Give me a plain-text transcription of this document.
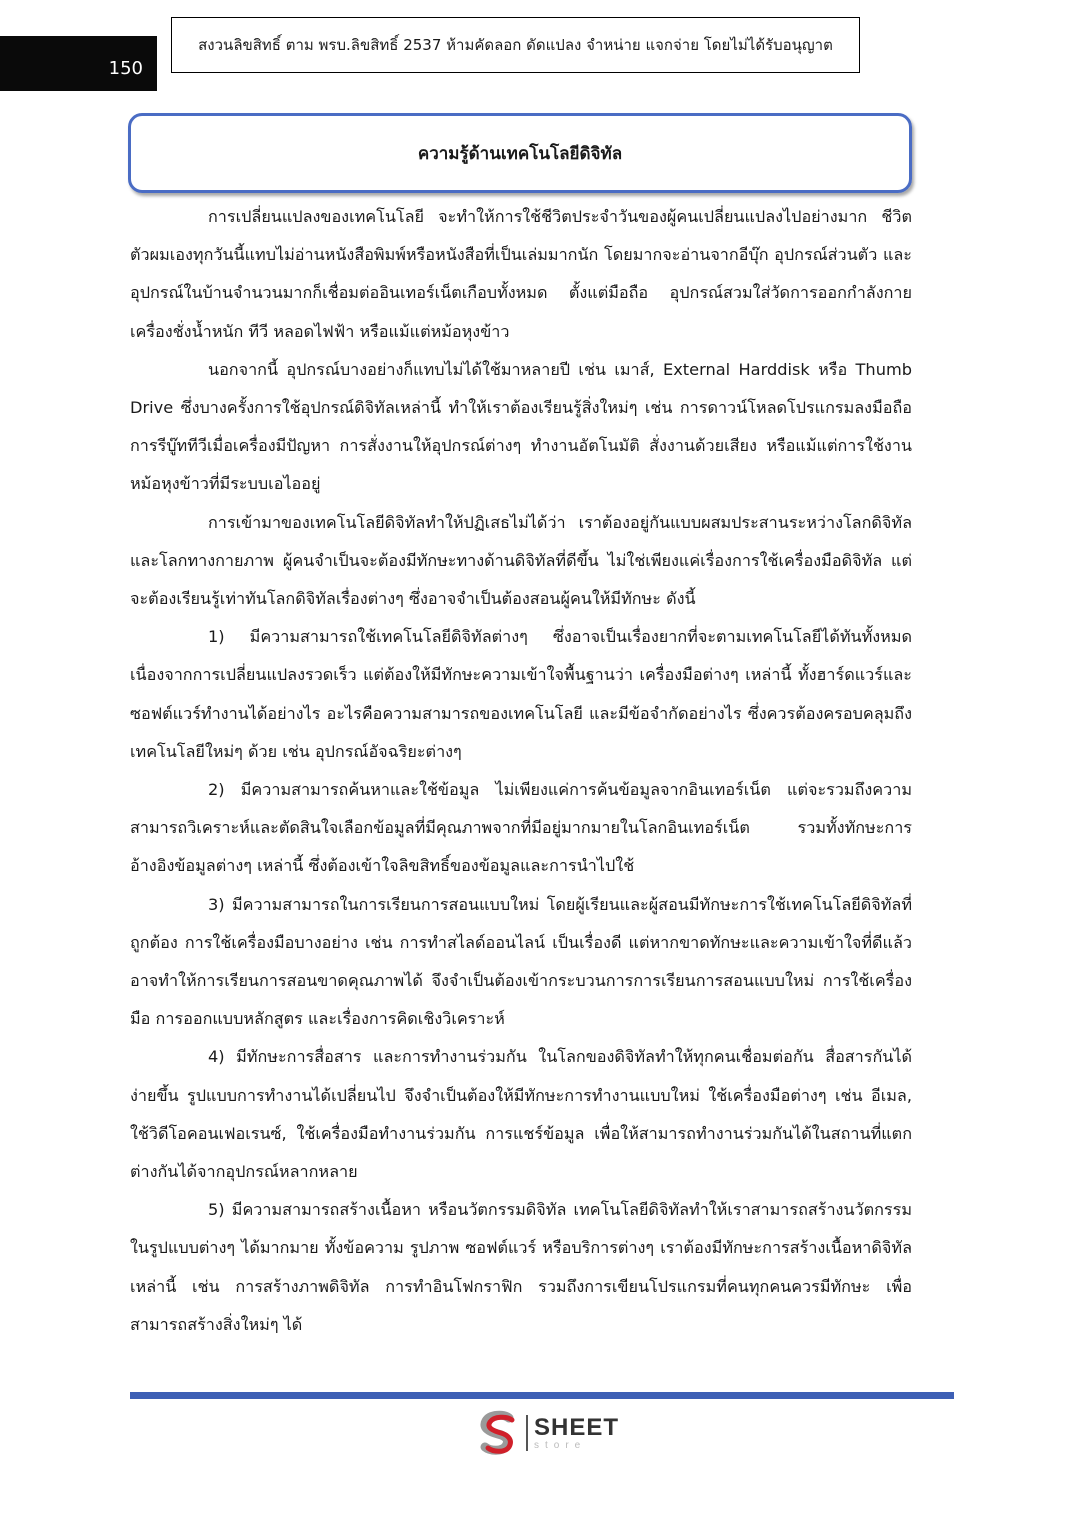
150
สงวนลิขสิทธิ์ ตาม พรบ.ลิขสิทธิ์ 2537 ห้ามคัดลอก ดัดแปลง จำหน่าย แจกจ่าย โดยไม่ได้รับอนุญาต
ความรู้ด้านเทคโนโลยีดิจิทัล

การเปลี่ยนแปลงของเทคโนโลยี จะทำให้การใช้ชีวิตประจำวันของผู้คนเปลี่ยนแปลงไปอย่างมาก ชีวิตตัวผมเองทุกวันนี้แทบไม่อ่านหนังสือพิมพ์หรือหนังสือที่เป็นเล่มมากนัก โดยมากจะอ่านจากอีบุ๊ก อุปกรณ์ส่วนตัว และอุปกรณ์ในบ้านจำนวนมากก็เชื่อมต่ออินเทอร์เน็ตเกือบทั้งหมด ตั้งแต่มือถือ อุปกรณ์สวมใส่วัดการออกกำลังกาย เครื่องชั่งน้ำหนัก ทีวี หลอดไฟฟ้า หรือแม้แต่หม้อหุงข้าว

นอกจากนี้ อุปกรณ์บางอย่างก็แทบไม่ได้ใช้มาหลายปี เช่น เมาส์, External Harddisk หรือ Thumb Drive ซึ่งบางครั้งการใช้อุปกรณ์ดิจิทัลเหล่านี้ ทำให้เราต้องเรียนรู้สิ่งใหม่ๆ เช่น การดาวน์โหลดโปรแกรมลงมือถือ การรีบู๊ททีวีเมื่อเครื่องมีปัญหา การสั่งงานให้อุปกรณ์ต่างๆ ทำงานอัตโนมัติ สั่งงานด้วยเสียง หรือแม้แต่การใช้งานหม้อหุงข้าวที่มีระบบเอไออยู่

การเข้ามาของเทคโนโลยีดิจิทัลทำให้ปฏิเสธไม่ได้ว่า เราต้องอยู่กันแบบผสมประสานระหว่างโลกดิจิทัลและโลกทางกายภาพ ผู้คนจำเป็นจะต้องมีทักษะทางด้านดิจิทัลที่ดีขึ้น ไม่ใช่เพียงแค่เรื่องการใช้เครื่องมือดิจิทัล แต่จะต้องเรียนรู้เท่าทันโลกดิจิทัลเรื่องต่างๆ ซึ่งอาจจำเป็นต้องสอนผู้คนให้มีทักษะ ดังนี้

1) มีความสามารถใช้เทคโนโลยีดิจิทัลต่างๆ ซึ่งอาจเป็นเรื่องยากที่จะตามเทคโนโลยีได้ทันทั้งหมด เนื่องจากการเปลี่ยนแปลงรวดเร็ว แต่ต้องให้มีทักษะความเข้าใจพื้นฐานว่า เครื่องมือต่างๆ เหล่านี้ ทั้งฮาร์ดแวร์และซอฟต์แวร์ทำงานได้อย่างไร อะไรคือความสามารถของเทคโนโลยี และมีข้อจำกัดอย่างไร ซึ่งควรต้องครอบคลุมถึงเทคโนโลยีใหม่ๆ ด้วย เช่น อุปกรณ์อัจฉริยะต่างๆ

2) มีความสามารถค้นหาและใช้ข้อมูล ไม่เพียงแค่การค้นข้อมูลจากอินเทอร์เน็ต แต่จะรวมถึงความสามารถวิเคราะห์และตัดสินใจเลือกข้อมูลที่มีคุณภาพจากที่มีอยู่มากมายในโลกอินเทอร์เน็ต รวมทั้งทักษะการอ้างอิงข้อมูลต่างๆ เหล่านี้ ซึ่งต้องเข้าใจลิขสิทธิ์ของข้อมูลและการนำไปใช้

3) มีความสามารถในการเรียนการสอนแบบใหม่ โดยผู้เรียนและผู้สอนมีทักษะการใช้เทคโนโลยีดิจิทัลที่ถูกต้อง การใช้เครื่องมือบางอย่าง เช่น การทำสไลด์ออนไลน์ เป็นเรื่องดี แต่หากขาดทักษะและความเข้าใจที่ดีแล้วอาจทำให้การเรียนการสอนขาดคุณภาพได้ จึงจำเป็นต้องเข้ากระบวนการการเรียนการสอนแบบใหม่ การใช้เครื่องมือ การออกแบบหลักสูตร และเรื่องการคิดเชิงวิเคราะห์

4) มีทักษะการสื่อสาร และการทำงานร่วมกัน ในโลกของดิจิทัลทำให้ทุกคนเชื่อมต่อกัน สื่อสารกันได้ง่ายขึ้น รูปแบบการทำงานได้เปลี่ยนไป จึงจำเป็นต้องให้มีทักษะการทำงานแบบใหม่ ใช้เครื่องมือต่างๆ เช่น อีเมล, ใช้วิดีโอคอนเฟอเรนซ์, ใช้เครื่องมือทำงานร่วมกัน การแชร์ข้อมูล เพื่อให้สามารถทำงานร่วมกันได้ในสถานที่แตกต่างกันได้จากอุปกรณ์หลากหลาย

5) มีความสามารถสร้างเนื้อหา หรือนวัตกรรมดิจิทัล เทคโนโลยีดิจิทัลทำให้เราสามารถสร้างนวัตกรรมในรูปแบบต่างๆ ได้มากมาย ทั้งข้อความ รูปภาพ ซอฟต์แวร์ หรือบริการต่างๆ เราต้องมีทักษะการสร้างเนื้อหาดิจิทัลเหล่านี้ เช่น การสร้างภาพดิจิทัล การทำอินโฟกราฟิก รวมถึงการเขียนโปรแกรมที่คนทุกคนควรมีทักษะ เพื่อสามารถสร้างสิ่งใหม่ๆ ได้

SHEET
store
